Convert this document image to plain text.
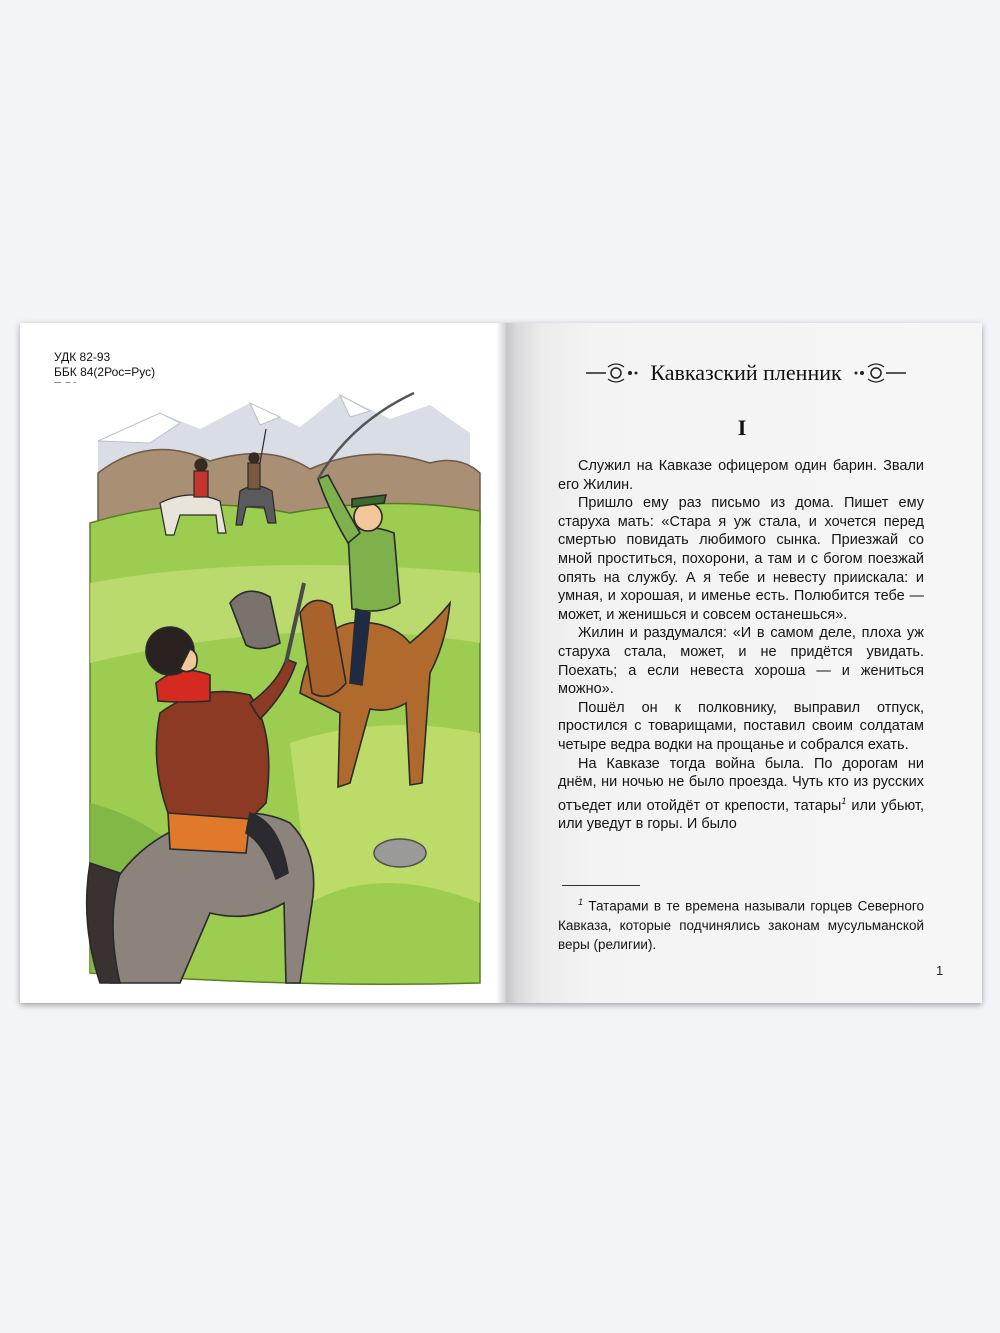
УДК 82-93
ББК 84(2Рос=Рус)	Кавказский пленник
I

Служил на Кавказе офицером один барин. Звали его Жилин.

Пришло ему раз письмо из дома. Пишет ему старуха мать: «Стара я уж стала, и хочется перед смертью повидать любимого сынка. Приезжай со мной проститься, похорони, а там и с богом поезжай опять на службу. А я тебе и невесту приискала: и умная, и хорошая, и именье есть. Полюбится тебе — может, и женишься и совсем останешься».

Жилин и раздумался: «И в самом деле, плоха уж старуха стала, может, и не придётся увидать. Поехать; а если невеста хороша — и жениться можно».

Пошёл он к полковнику, выправил отпуск, простился с товарищами, поставил своим солдатам четыре ведра водки на прощанье и собрался ехать.

На Кавказе тогда война была. По дорогам ни днём, ни ночью не было проезда. Чуть кто из русских отъедет или отойдёт от крепости, татары$^1$ или убьют, или уведут в горы. И было

$^1$ Татарами в те времена называли горцев Северного Кавказа, которые подчинялись законам мусульманской веры (религии).

1
